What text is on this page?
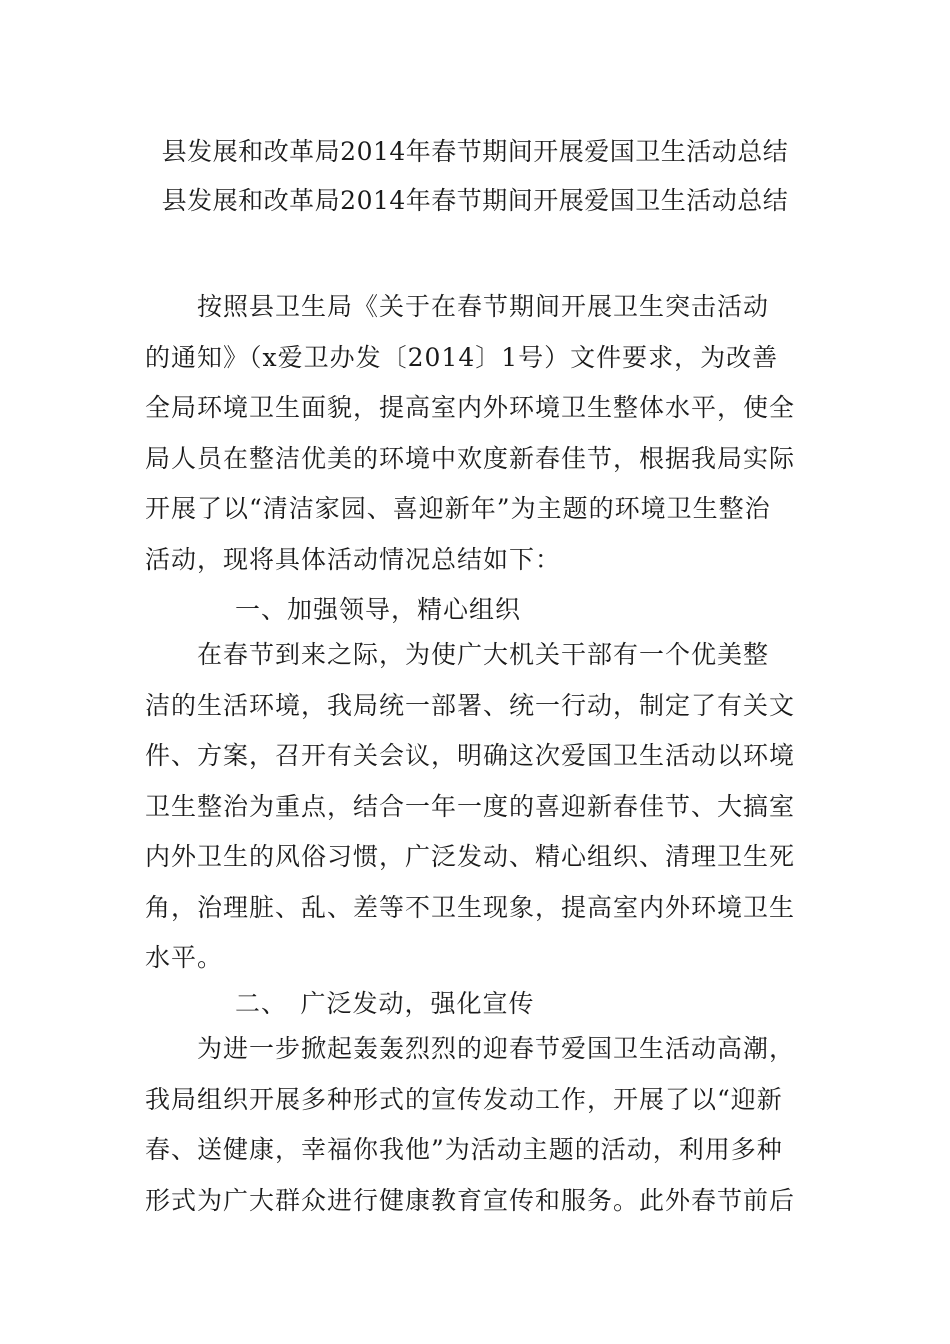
县发展和改革局2014年春节期间开展爱国卫生活动总结
县发展和改革局2014年春节期间开展爱国卫生活动总结
　　按照县卫生局《关于在春节期间开展卫生突击活动
的通知》（x爱卫办发〔2014〕1号）文件要求，为改善
全局环境卫生面貌，提高室内外环境卫生整体水平，使全
局人员在整洁优美的环境中欢度新春佳节，根据我局实际
开展了以“清洁家园、喜迎新年”为主题的环境卫生整治
活动，现将具体活动情况总结如下：

一、加强领导，精心组织

　　在春节到来之际，为使广大机关干部有一个优美整
洁的生活环境，我局统一部署、统一行动，制定了有关文
件、方案，召开有关会议，明确这次爱国卫生活动以环境
卫生整治为重点，结合一年一度的喜迎新春佳节、大搞室
内外卫生的风俗习惯，广泛发动、精心组织、清理卫生死
角，治理脏、乱、差等不卫生现象，提高室内外环境卫生
水平。

二、　广泛发动，强化宣传

　　为进一步掀起轰轰烈烈的迎春节爱国卫生活动高潮，
我局组织开展多种形式的宣传发动工作，开展了以“迎新
春、送健康，幸福你我他”为活动主题的活动，利用多种
形式为广大群众进行健康教育宣传和服务。此外春节前后
